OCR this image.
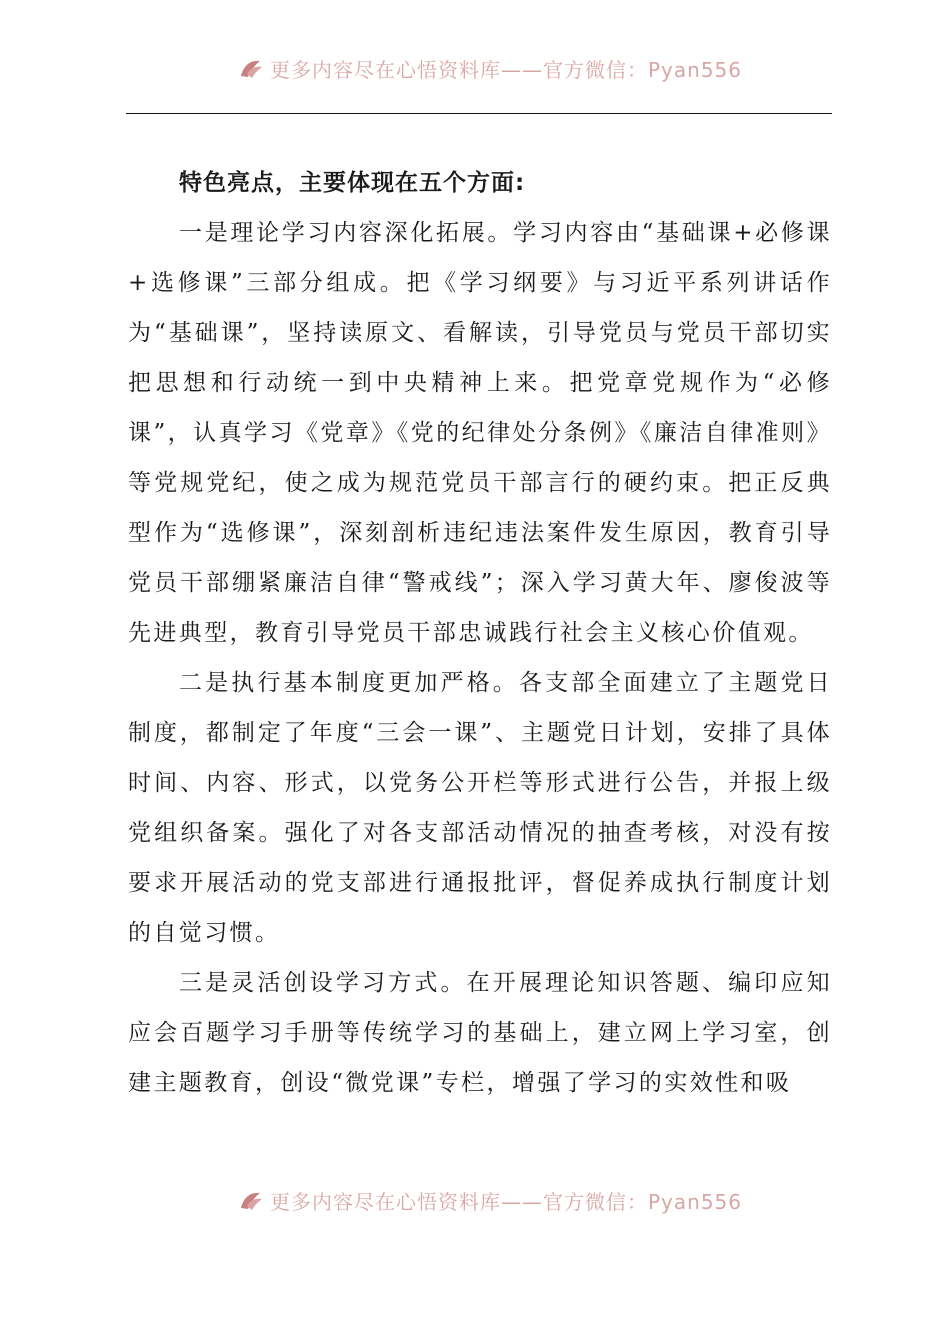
更多内容尽在心悟资料库——官方微信：Pyan556

特色亮点，主要体现在五个方面:

一是理论学习内容深化拓展。学习内容由“基础课+必修课+选修课”三部分组成。把《学习纲要》与习近平系列讲话作为“基础课”，坚持读原文、看解读，引导党员与党员干部切实把思想和行动统一到中央精神上来。把党章党规作为“必修课”，认真学习《党章》《党的纪律处分条例》《廉洁自律准则》等党规党纪，使之成为规范党员干部言行的硬约束。把正反典型作为“选修课”，深刻剖析违纪违法案件发生原因，教育引导党员干部绷紧廉洁自律“警戒线”；深入学习黄大年、廖俊波等先进典型，教育引导党员干部忠诚践行社会主义核心价值观。

二是执行基本制度更加严格。各支部全面建立了主题党日制度，都制定了年度“三会一课”、主题党日计划，安排了具体时间、内容、形式，以党务公开栏等形式进行公告，并报上级党组织备案。强化了对各支部活动情况的抽查考核，对没有按要求开展活动的党支部进行通报批评，督促养成执行制度计划的自觉习惯。

三是灵活创设学习方式。在开展理论知识答题、编印应知应会百题学习手册等传统学习的基础上，建立网上学习室，创建主题教育，创设“微党课”专栏，增强了学习的实效性和吸

更多内容尽在心悟资料库——官方微信：Pyan556
